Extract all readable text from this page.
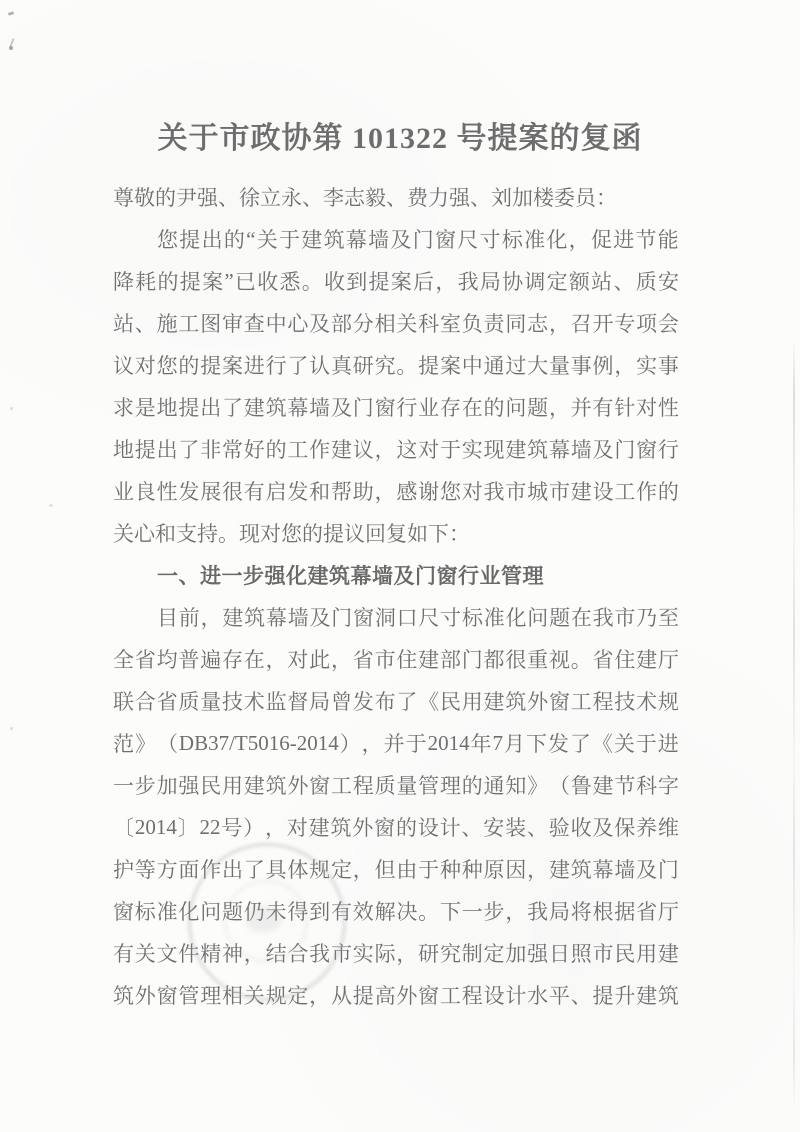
关于市政协第 101322 号提案的复函
尊敬的尹强、徐立永、李志毅、费力强、刘加楼委员：
您 提 出 的 “ 关 于 建 筑 幕 墙 及 门 窗 尺 寸 标 准 化 ， 促 进 节 能
降 耗 的 提 案 ” 已 收 悉 。 收 到 提 案 后 ， 我 局 协 调 定 额 站 、 质 安
站 、 施 工 图 审 查 中 心 及 部 分 相 关 科 室 负 责 同 志 ， 召 开 专 项 会
议 对 您 的 提 案 进 行 了 认 真 研 究 。 提 案 中 通 过 大 量 事 例 ， 实 事
求 是 地 提 出 了 建 筑 幕 墙 及 门 窗 行 业 存 在 的 问 题 ， 并 有 针 对 性
地 提 出 了 非 常 好 的 工 作 建 议 ， 这 对 于 实 现 建 筑 幕 墙 及 门 窗 行
业 良 性 发 展 很 有 启 发 和 帮 助 ， 感 谢 您 对 我 市 城 市 建 设 工 作 的
关心和支持。现对您的提议回复如下：
一、进一步强化建筑幕墙及门窗行业管理
目 前 ， 建 筑 幕 墙 及 门 窗 洞 口 尺 寸 标 准 化 问 题 在 我 市 乃 至
全 省 均 普 遍 存 在 ， 对 此 ， 省 市 住 建 部 门 都 很 重 视 。 省 住 建 厅
联 合 省 质 量 技 术 监 督 局 曾 发 布 了 《 民 用 建 筑 外 窗 工 程 技 术 规
范 》 （ DB37/T5016-2014 ） ， 并 于 2014 年 7 月 下 发 了 《 关 于 进
一 步 加 强 民 用 建 筑 外 窗 工 程 质 量 管 理 的 通 知 》 （ 鲁 建 节 科 字
〔 2014 〕 22 号 ） ， 对 建 筑 外 窗 的 设 计 、 安 装 、 验 收 及 保 养 维
护 等 方 面 作 出 了 具 体 规 定 ， 但 由 于 种 种 原 因 ， 建 筑 幕 墙 及 门
窗 标 准 化 问 题 仍 未 得 到 有 效 解 决 。 下 一 步 ， 我 局 将 根 据 省 厅
有 关 文 件 精 神 ， 结 合 我 市 实 际 ， 研 究 制 定 加 强 日 照 市 民 用 建
筑 外 窗 管 理 相 关 规 定 ， 从 提 高 外 窗 工 程 设 计 水 平 、 提 升 建 筑
